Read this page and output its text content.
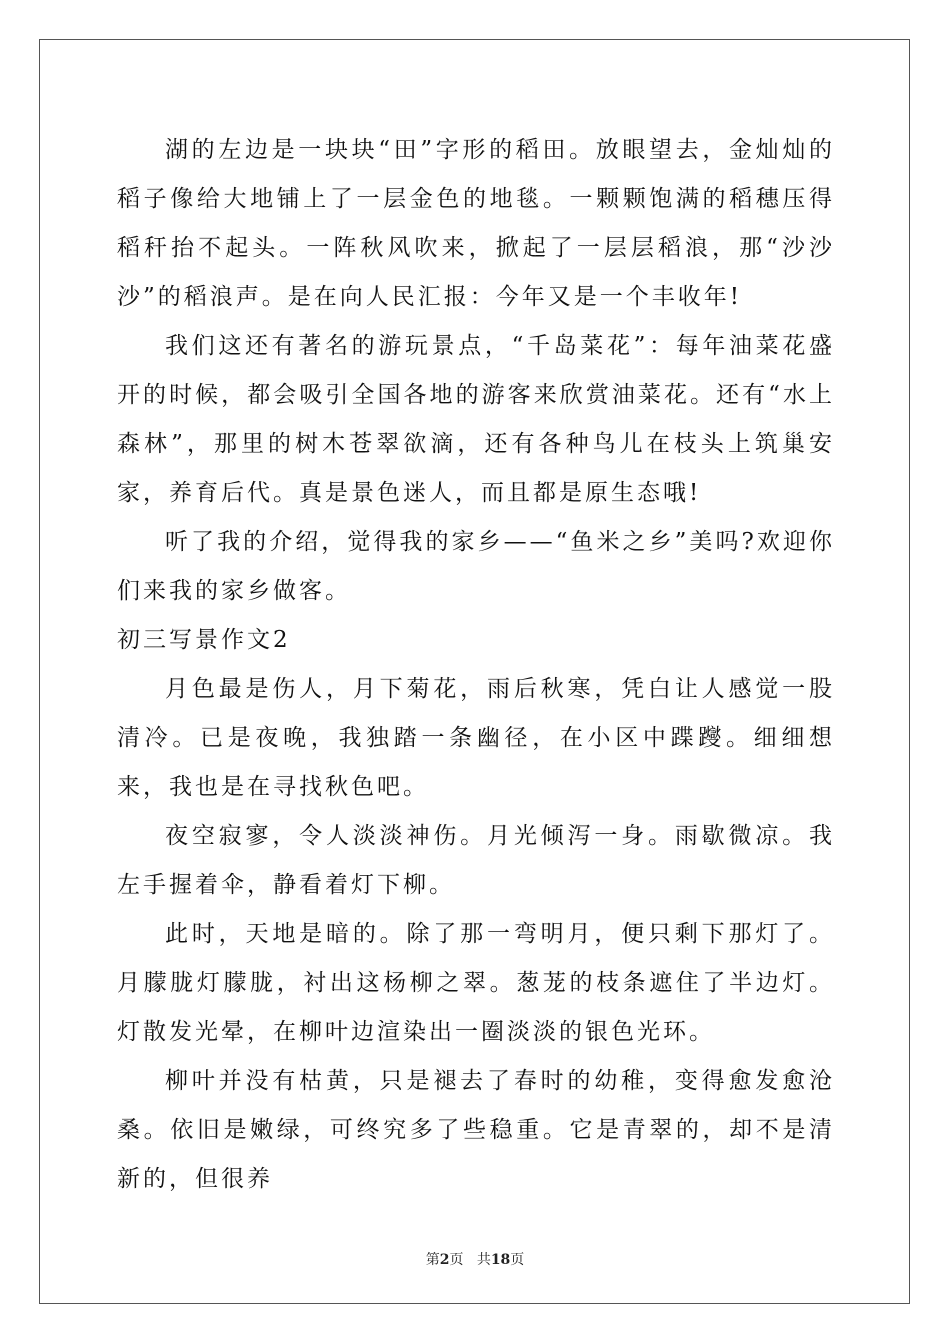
湖的左边是一块块“田”字形的稻田。放眼望去，金灿灿的稻子像给大地铺上了一层金色的地毯。一颗颗饱满的稻穗压得稻秆抬不起头。一阵秋风吹来，掀起了一层层稻浪，那“沙沙沙”的稻浪声。是在向人民汇报：今年又是一个丰收年!

我们这还有著名的游玩景点，“千岛菜花”：每年油菜花盛开的时候，都会吸引全国各地的游客来欣赏油菜花。还有“水上森林”，那里的树木苍翠欲滴，还有各种鸟儿在枝头上筑巢安家，养育后代。真是景色迷人，而且都是原生态哦!

听了我的介绍，觉得我的家乡——“鱼米之乡”美吗?欢迎你们来我的家乡做客。

初三写景作文2

月色最是伤人，月下菊花，雨后秋寒，凭白让人感觉一股清冷。已是夜晚，我独踏一条幽径，在小区中蹀躞。细细想来，我也是在寻找秋色吧。

夜空寂寥，令人淡淡神伤。月光倾泻一身。雨歇微凉。我左手握着伞，静看着灯下柳。

此时，天地是暗的。除了那一弯明月，便只剩下那灯了。月朦胧灯朦胧，衬出这杨柳之翠。葱茏的枝条遮住了半边灯。灯散发光晕，在柳叶边渲染出一圈淡淡的银色光环。

柳叶并没有枯黄，只是褪去了春时的幼稚，变得愈发愈沧桑。依旧是嫩绿，可终究多了些稳重。它是青翠的，却不是清新的，但很养

第2页 共18页
